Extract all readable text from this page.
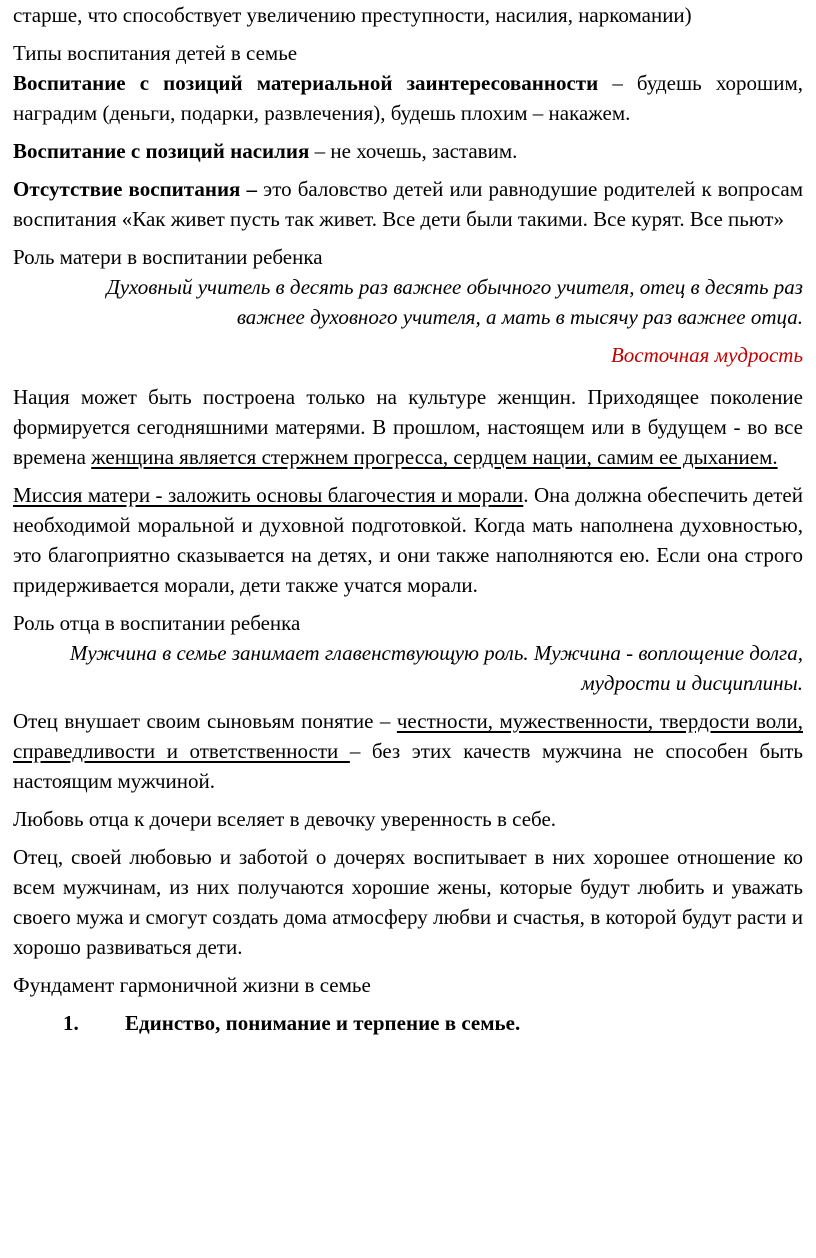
старше, что способствует увеличению преступности, насилия, наркомании)

Типы воспитания детей в семье

Воспитание с позиций материальной заинтересованности – будешь хорошим, наградим (деньги, подарки, развлечения), будешь плохим – накажем.

Воспитание с позиций насилия – не хочешь, заставим.

Отсутствие воспитания – это баловство детей или равнодушие родителей к вопросам воспитания «Как живет пусть так живет. Все дети были такими. Все курят. Все пьют»

Роль матери в воспитании ребенка

Духовный учитель в десять раз важнее обычного учителя, отец в десять раз важнее духовного учителя, а мать в тысячу раз важнее отца.

Восточная мудрость

Нация может быть построена только на культуре женщин. Приходящее поколение формируется сегодняшними матерями. В прошлом, настоящем или в будущем - во все времена женщина является стержнем прогресса, сердцем нации, самим ее дыханием.

Миссия матери - заложить основы благочестия и морали. Она должна обеспечить детей необходимой моральной и духовной подготовкой. Когда мать наполнена духовностью, это благоприятно сказывается на детях, и они также наполняются ею. Если она строго придерживается морали, дети также учатся морали.

Роль отца в воспитании ребенка

Мужчина в семье занимает главенствующую роль. Мужчина - воплощение долга, мудрости и дисциплины.

Отец внушает своим сыновьям понятие – честности, мужественности, твердости воли, справедливости и ответственности – без этих качеств мужчина не способен быть настоящим мужчиной.

Любовь отца к дочери вселяет в девочку уверенность в себе.

Отец, своей любовью и заботой о дочерях воспитывает в них хорошее отношение ко всем мужчинам, из них получаются хорошие жены, которые будут любить и уважать своего мужа и смогут создать дома атмосферу любви и счастья, в которой будут расти и хорошо развиваться дети.

Фундамент гармоничной жизни в семье

1.	Единство, понимание и терпение в семье.
